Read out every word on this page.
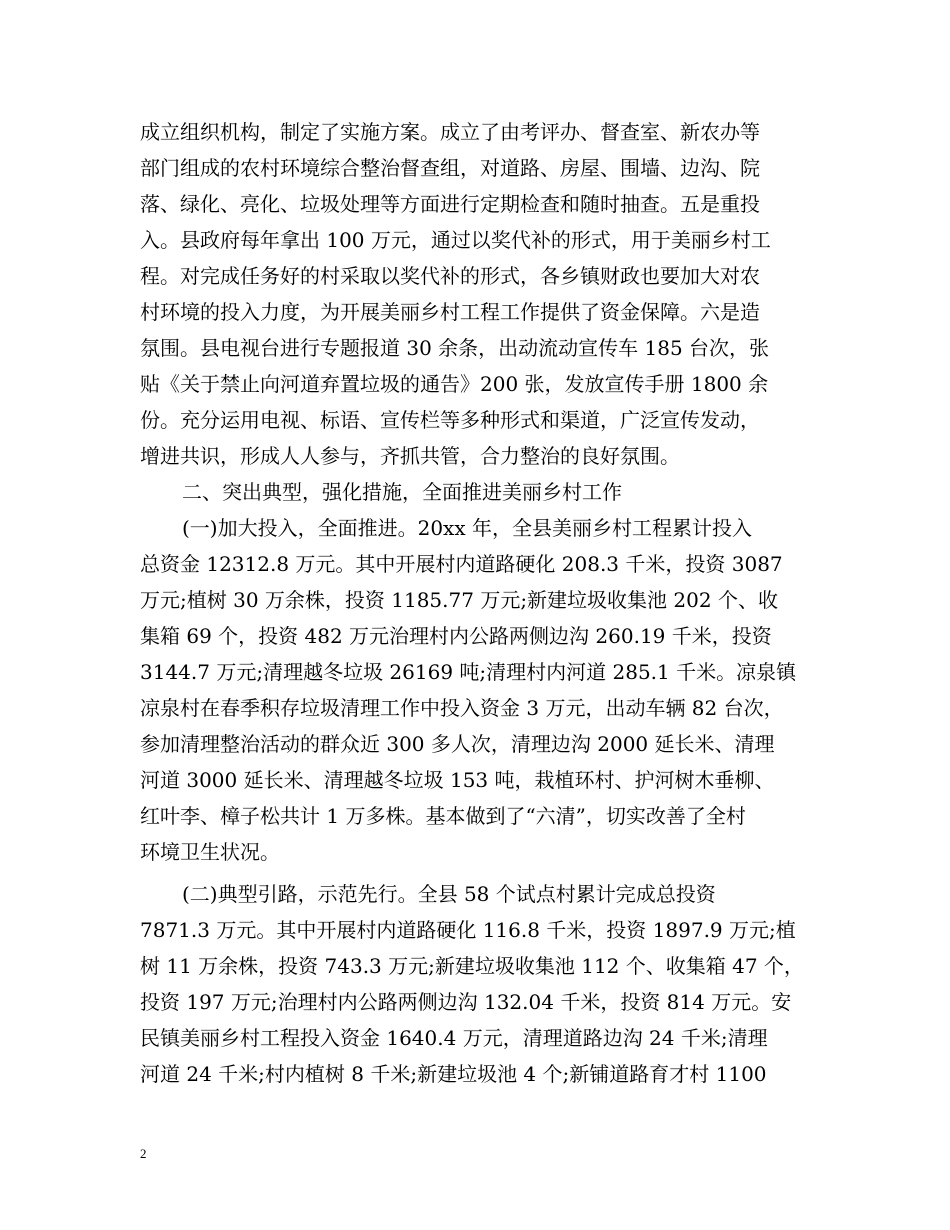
成立组织机构，制定了实施方案。成立了由考评办、督查室、新农办等
部门组成的农村环境综合整治督查组，对道路、房屋、围墙、边沟、院
落、绿化、亮化、垃圾处理等方面进行定期检查和随时抽查。五是重投
入。县政府每年拿出 100 万元，通过以奖代补的形式，用于美丽乡村工
程。对完成任务好的村采取以奖代补的形式，各乡镇财政也要加大对农
村环境的投入力度，为开展美丽乡村工程工作提供了资金保障。六是造
氛围。县电视台进行专题报道 30 余条，出动流动宣传车 185 台次，张
贴《关于禁止向河道弃置垃圾的通告》200 张，发放宣传手册 1800 余
份。充分运用电视、标语、宣传栏等多种形式和渠道，广泛宣传发动，
增进共识，形成人人参与，齐抓共管，合力整治的良好氛围。
二、突出典型，强化措施，全面推进美丽乡村工作
(一)加大投入，全面推进。20xx 年，全县美丽乡村工程累计投入
总资金 12312.8 万元。其中开展村内道路硬化 208.3 千米，投资 3087
万元;植树 30 万余株，投资 1185.77 万元;新建垃圾收集池 202 个、收
集箱 69 个，投资 482 万元治理村内公路两侧边沟 260.19 千米，投资
3144.7 万元;清理越冬垃圾 26169 吨;清理村内河道 285.1 千米。凉泉镇
凉泉村在春季积存垃圾清理工作中投入资金 3 万元，出动车辆 82 台次，
参加清理整治活动的群众近 300 多人次，清理边沟 2000 延长米、清理
河道 3000 延长米、清理越冬垃圾 153 吨，栽植环村、护河树木垂柳、
红叶李、樟子松共计 1 万多株。基本做到了“六清”，切实改善了全村
环境卫生状况。
(二)典型引路，示范先行。全县 58 个试点村累计完成总投资
7871.3 万元。其中开展村内道路硬化 116.8 千米，投资 1897.9 万元;植
树 11 万余株，投资 743.3 万元;新建垃圾收集池 112 个、收集箱 47 个，
投资 197 万元;治理村内公路两侧边沟 132.04 千米，投资 814 万元。安
民镇美丽乡村工程投入资金 1640.4 万元，清理道路边沟 24 千米;清理
河道 24 千米;村内植树 8 千米;新建垃圾池 4 个;新铺道路育才村 1100
2
